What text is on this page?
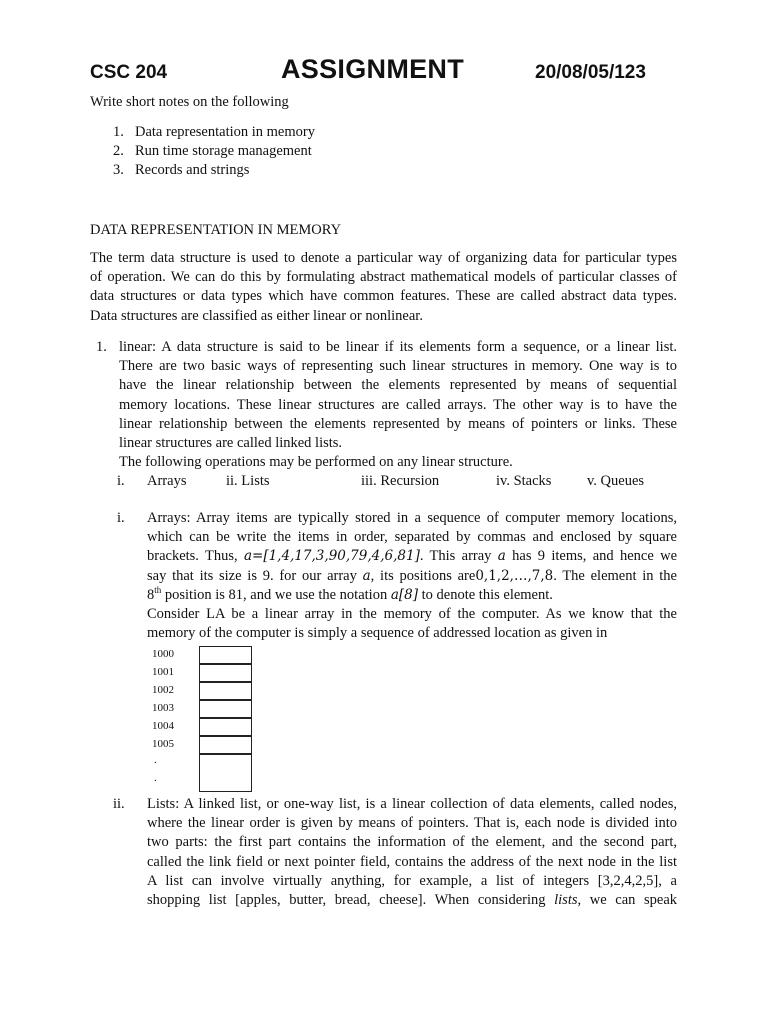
CSC 204	ASSIGNMENT	20/08/05/123
Write short notes on the following
1. Data representation in memory
2. Run time storage management
3. Records and strings
DATA REPRESENTATION IN MEMORY
The term data structure is used to denote a particular way of organizing data for particular types
of operation. We can do this by formulating abstract mathematical models of particular classes of
data structures or data types which have common features. These are called abstract data types.
Data structures are classified as either linear or nonlinear.
1. linear: A data structure is said to be linear if its elements form a sequence, or a linear list.
There are two basic ways of representing such linear structures in memory. One way is to
have the linear relationship between the elements represented by means of sequential
memory locations. These linear structures are called arrays. The other way is to have the
linear relationship between the elements represented by means of pointers or links. These
linear structures are called linked lists.
The following operations may be performed on any linear structure.
i. Arrays	ii. Lists	iii. Recursion	iv. Stacks v. Queues
i. Arrays: Array items are typically stored in a sequence of computer memory locations,
which can be write the items in order, separated by commas and enclosed by square
brackets. Thus, a=[1,4,17,3,90,79,4,6,81]. This array a has 9 items, and hence we
say that its size is 9. for our array a, its positions are0,1,2,…,7,8. The element in the
8th position is 81, and we use the notation a[8] to denote this element.
Consider LA be a linear array in the memory of the computer. As we know that the
memory of the computer is simply a sequence of addressed location as given in
1000
1001
1002
1003
1004
1005
.
.
ii. Lists: A linked list, or one-way list, is a linear collection of data elements, called nodes,
where the linear order is given by means of pointers. That is, each node is divided into
two parts: the first part contains the information of the element, and the second part,
called the link field or next pointer field, contains the address of the next node in the list
A list can involve virtually anything, for example, a list of integers [3,2,4,2,5], a
shopping list [apples, butter, bread, cheese]. When considering lists, we can speak
